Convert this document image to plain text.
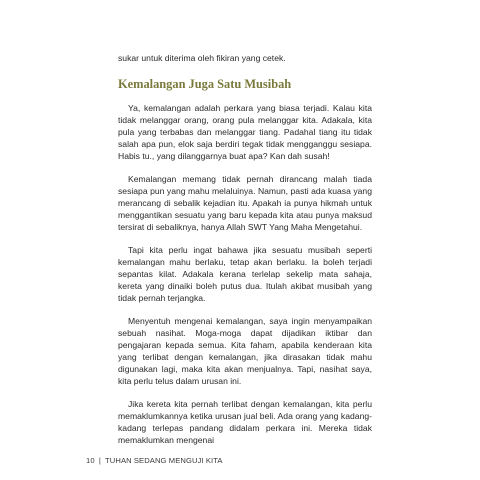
sukar untuk diterima oleh fikiran yang cetek.

Kemalangan Juga Satu Musibah

Ya, kemalangan adalah perkara yang biasa terjadi. Kalau kita tidak melanggar orang, orang pula melanggar kita. Adakala, kita pula yang terbabas dan melanggar tiang. Padahal tiang itu tidak salah apa pun, elok saja berdiri tegak tidak mengganggu sesiapa. Habis tu., yang dilanggarnya buat apa? Kan dah susah!

Kemalangan memang tidak pernah dirancang malah tiada sesiapa pun yang mahu melaluinya. Namun, pasti ada kuasa yang merancang di sebalik kejadian itu. Apakah ia punya hikmah untuk menggantikan sesuatu yang baru kepada kita atau punya maksud tersirat di sebaliknya, hanya Allah SWT Yang Maha Mengetahui.

Tapi kita perlu ingat bahawa jika sesuatu musibah seperti kemalangan mahu berlaku, tetap akan berlaku. Ia boleh terjadi sepantas kilat. Adakala kerana terlelap sekelip mata sahaja, kereta yang dinaiki boleh putus dua. Itulah akibat musibah yang tidak pernah terjangka.

Menyentuh mengenai kemalangan, saya ingin menyampaikan sebuah nasihat. Moga-moga dapat dijadikan iktibar dan pengajaran kepada semua. Kita faham, apabila kenderaan kita yang terlibat dengan kemalangan, jika dirasakan tidak mahu digunakan lagi, maka kita akan menjualnya. Tapi, nasihat saya, kita perlu telus dalam urusan ini.

Jika kereta kita pernah terlibat dengan kemalangan, kita perlu memaklumkannya ketika urusan jual beli. Ada orang yang kadang-kadang terlepas pandang didalam perkara ini. Mereka tidak memaklumkan mengenai

10 | TUHAN SEDANG MENGUJI KITA
